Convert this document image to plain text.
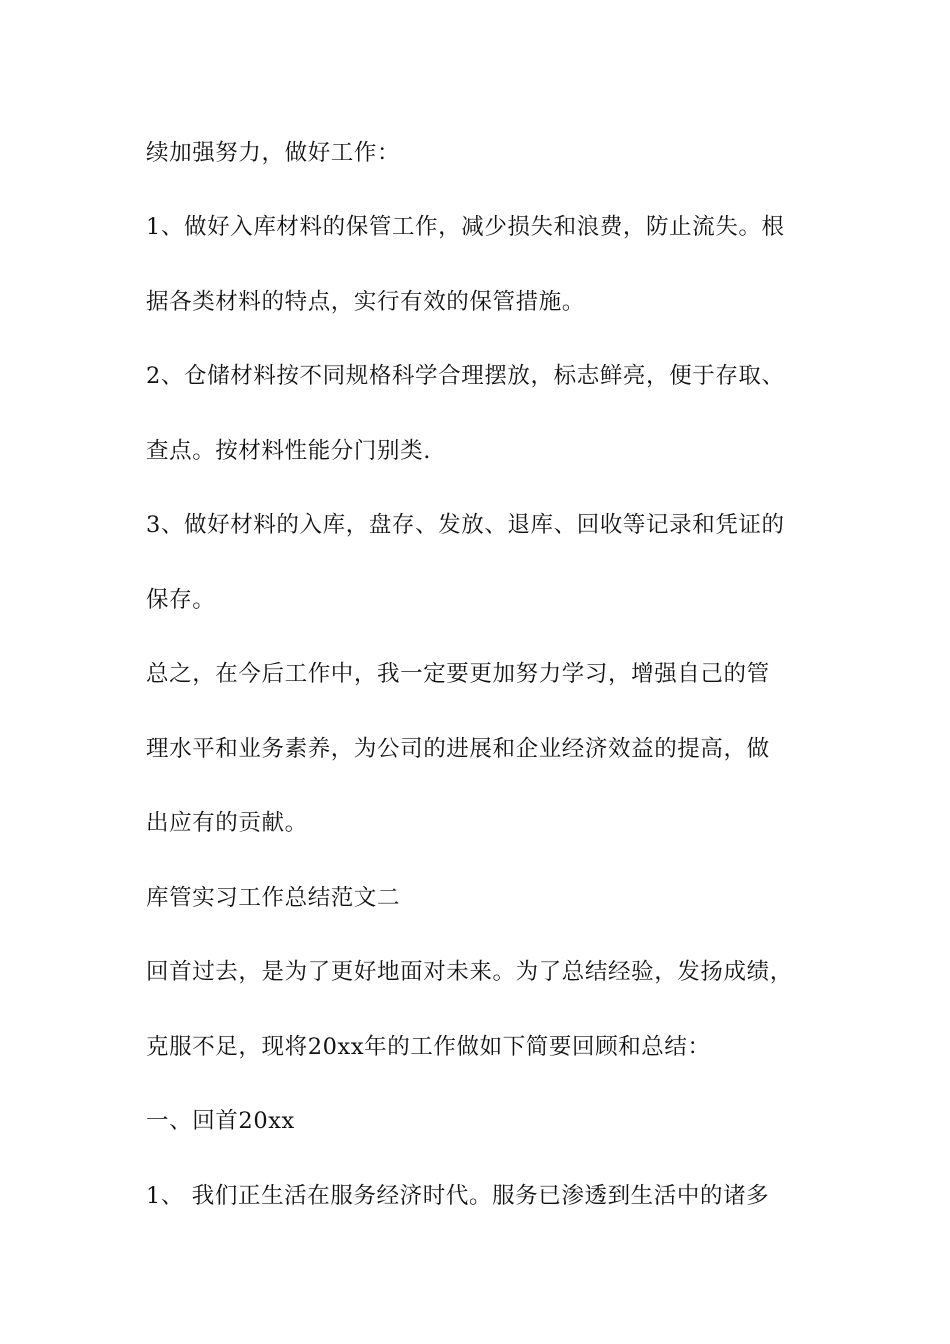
续加强努力，做好工作：

1、做好入库材料的保管工作，减少损失和浪费，防止流失。根

据各类材料的特点，实行有效的保管措施。

2、仓储材料按不同规格科学合理摆放，标志鲜亮，便于存取、

查点。按材料性能分门别类.

3、做好材料的入库，盘存、发放、退库、回收等记录和凭证的

保存。

总之，在今后工作中，我一定要更加努力学习，增强自己的管

理水平和业务素养，为公司的进展和企业经济效益的提高，做

出应有的贡献。

库管实习工作总结范文二

回首过去，是为了更好地面对未来。为了总结经验，发扬成绩，

克服不足，现将20xx年的工作做如下简要回顾和总结：

一、回首20xx

1、 我们正生活在服务经济时代。服务已渗透到生活中的诸多
